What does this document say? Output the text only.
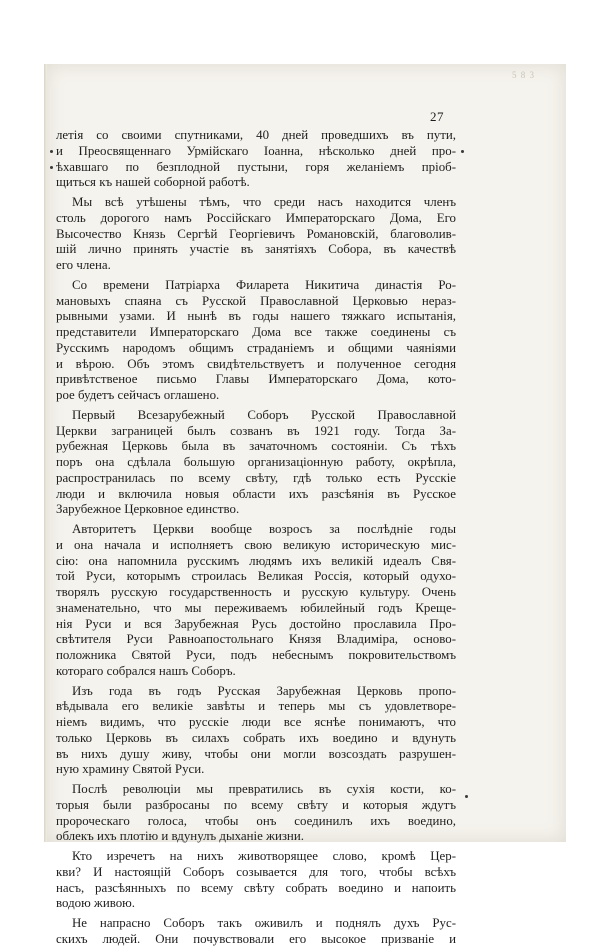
5 8 3
27
летія со своими спутниками, 40 дней проведшихъ въ пути,
и Преосвященнаго Урмійскаго Іоанна, нѣсколько дней про-
ѣхавшаго по безплодной пустыни, горя желаніемъ пріоб-
щиться къ нашей соборной работѣ.
Мы всѣ утѣшены тѣмъ, что среди насъ находится членъ
столь дорогого намъ Россійскаго Императорскаго Дома, Его
Высочество Князь Сергѣй Георгіевичъ Романовскій, благоволив-
шій лично принять участіе въ занятіяхъ Собора, въ качествѣ
его члена.
Со времени Патріарха Филарета Никитича династія Ро-
мановыхъ спаяна съ Русской Православной Церковью нераз-
рывными узами. И нынѣ въ годы нашего тяжкаго испытанія,
представители Императорскаго Дома все также соединены съ
Русскимъ народомъ общимъ страданіемъ и общими чаяніями
и вѣрою. Объ этомъ свидѣтельствуетъ и полученное сегодня
привѣтственое письмо Главы Императорскаго Дома, кото-
рое будетъ сейчасъ оглашено.
Первый Всезарубежный Соборъ Русской Православной
Церкви заграницей былъ созванъ въ 1921 году. Тогда За-
рубежная Церковь была въ зачаточномъ состояніи. Съ тѣхъ
поръ она сдѣлала большую организаціонную работу, окрѣпла,
распространилась по всему свѣту, гдѣ только есть Русскіе
люди и включила новыя области ихъ разсѣянія въ Русское
Зарубежное Церковное единство.
Авторитетъ Церкви вообще возросъ за послѣдніе годы
и она начала и исполняетъ свою великую историческую мис-
сію: она напомнила русскимъ людямъ ихъ великій идеалъ Свя-
той Руси, которымъ строилась Великая Россія, который одухо-
творялъ русскую государственность и русскую культуру. Очень
знаменательно, что мы переживаемъ юбилейный годъ Креще-
нія Руси и вся Зарубежная Русь достойно прославила Про-
свѣтителя Руси Равноапостольнаго Князя Владиміра, осново-
положника Святой Руси, подъ небеснымъ покровительствомъ
котораго собрался нашъ Соборъ.
Изъ года въ годъ Русская Зарубежная Церковь пропо-
вѣдывала его великіе завѣты и теперь мы съ удовлетворе-
ніемъ видимъ, что русскіе люди все яснѣе понимаютъ, что
только Церковь въ силахъ собрать ихъ воедино и вдунуть
въ нихъ душу живу, чтобы они могли возсоздать разрушен-
ную храмину Святой Руси.
Послѣ революціи мы превратились въ сухія кости, ко-
торыя были разбросаны по всему свѣту и которыя ждутъ
пророческаго голоса, чтобы онъ соединилъ ихъ воедино,
облекъ ихъ плотію и вдунулъ дыханіе жизни.
Кто изречетъ на нихъ животворящее слово, кромѣ Цер-
кви? И настоящій Соборъ созывается для того, чтобы всѣхъ
насъ, разсѣянныхъ по всему свѣту собрать воедино и напоить
водою живою.
Не напрасно Соборъ такъ оживилъ и поднялъ духъ Рус-
скихъ людей. Они почувствовали его высокое призваніе и
